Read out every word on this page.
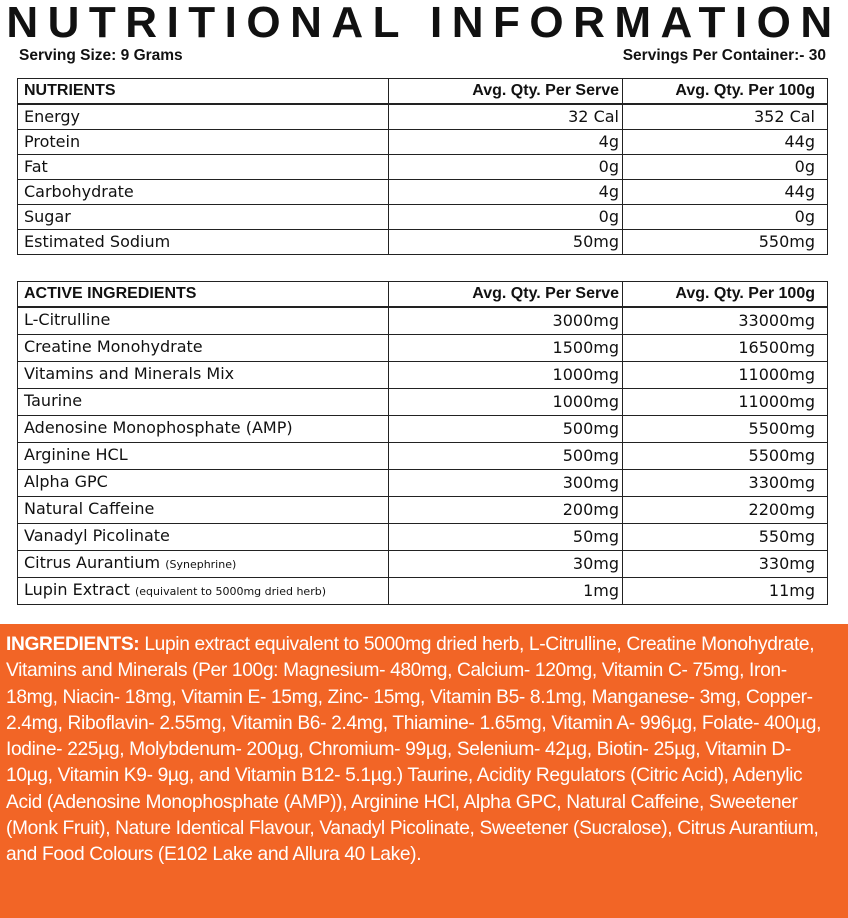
NUTRITIONAL INFORMATION
Serving Size: 9 Grams	Servings Per Container:- 30
NUTRIENTS	Avg. Qty. Per Serve	Avg. Qty. Per 100g
Energy	32 Cal	352 Cal
Protein	4g	44g
Fat	0g	0g
Carbohydrate	4g	44g
Sugar	0g	0g
Estimated Sodium	50mg	550mg
ACTIVE INGREDIENTS	Avg. Qty. Per Serve	Avg. Qty. Per 100g
L-Citrulline	3000mg	33000mg
Creatine Monohydrate	1500mg	16500mg
Vitamins and Minerals Mix	1000mg	11000mg
Taurine	1000mg	11000mg
Adenosine Monophosphate (AMP)	500mg	5500mg
Arginine HCL	500mg	5500mg
Alpha GPC	300mg	3300mg
Natural Caffeine	200mg	2200mg
Vanadyl Picolinate	50mg	550mg
Citrus Aurantium (Synephrine)	30mg	330mg
Lupin Extract (equivalent to 5000mg dried herb)	1mg	11mg
INGREDIENTS: Lupin extract equivalent to 5000mg dried herb, L-Citrulline, Creatine Monohydrate, Vitamins and Minerals (Per 100g: Magnesium- 480mg, Calcium- 120mg, Vitamin C- 75mg, Iron- 18mg, Niacin- 18mg, Vitamin E- 15mg, Zinc- 15mg, Vitamin B5- 8.1mg, Manganese- 3mg, Copper- 2.4mg, Riboflavin- 2.55mg, Vitamin B6- 2.4mg, Thiamine- 1.65mg, Vitamin A- 996µg, Folate- 400µg, Iodine- 225µg, Molybdenum- 200µg, Chromium- 99µg, Selenium- 42µg, Biotin- 25µg, Vitamin D- 10µg, Vitamin K9- 9µg, and Vitamin B12- 5.1µg.) Taurine, Acidity Regulators (Citric Acid), Adenylic Acid (Adenosine Monophosphate (AMP)), Arginine HCl, Alpha GPC, Natural Caffeine, Sweetener (Monk Fruit), Nature Identical Flavour, Vanadyl Picolinate, Sweetener (Sucralose), Citrus Aurantium, and Food Colours (E102 Lake and Allura 40 Lake).
